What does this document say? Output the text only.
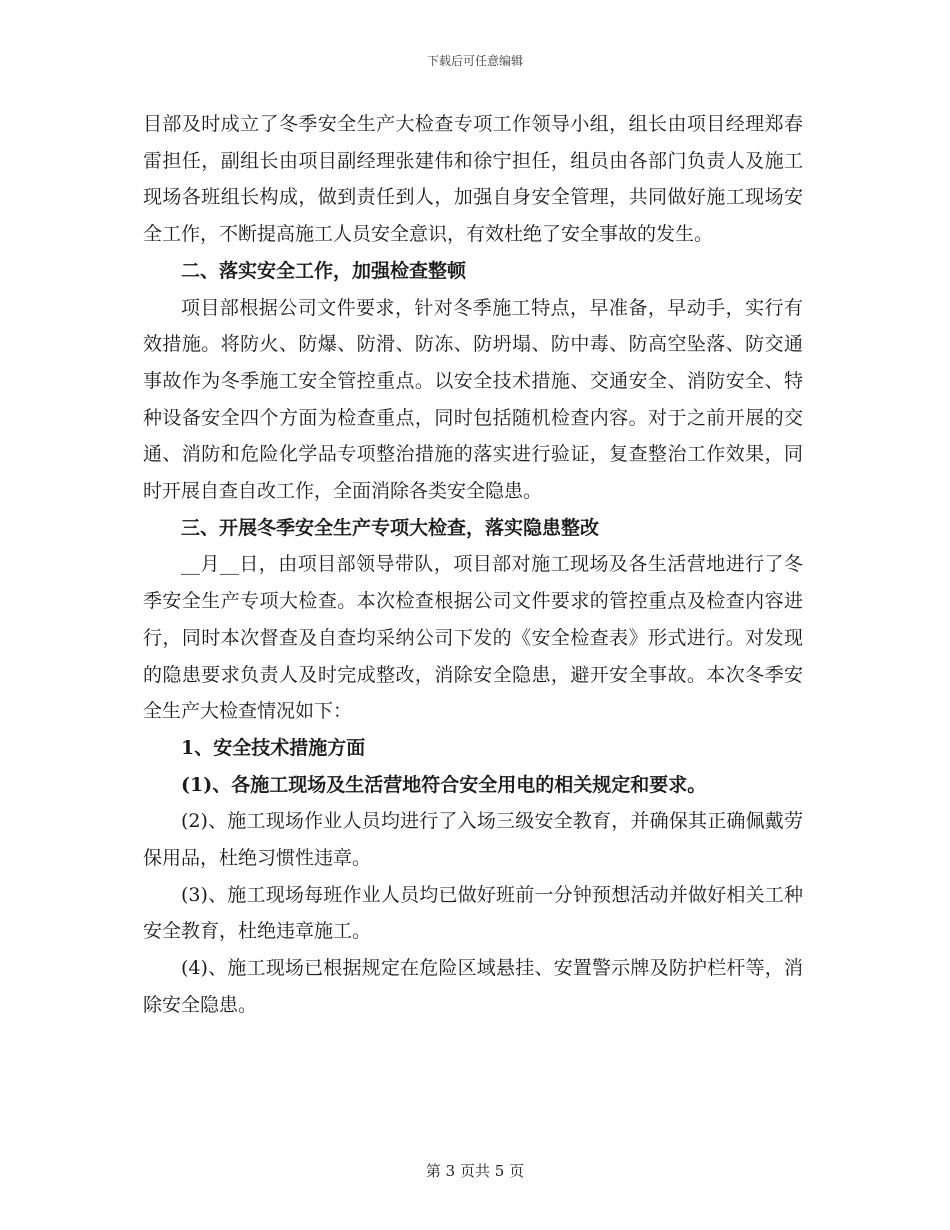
下载后可任意编辑

目部及时成立了冬季安全生产大检查专项工作领导小组，组长由项目经理郑春雷担任，副组长由项目副经理张建伟和徐宁担任，组员由各部门负责人及施工现场各班组长构成，做到责任到人，加强自身安全管理，共同做好施工现场安全工作，不断提高施工人员安全意识，有效杜绝了安全事故的发生。

二、落实安全工作，加强检查整顿

项目部根据公司文件要求，针对冬季施工特点，早准备，早动手，实行有效措施。将防火、防爆、防滑、防冻、防坍塌、防中毒、防高空坠落、防交通事故作为冬季施工安全管控重点。以安全技术措施、交通安全、消防安全、特种设备安全四个方面为检查重点，同时包括随机检查内容。对于之前开展的交通、消防和危险化学品专项整治措施的落实进行验证，复查整治工作效果，同时开展自查自改工作，全面消除各类安全隐患。

三、开展冬季安全生产专项大检查，落实隐患整改

__月__日，由项目部领导带队，项目部对施工现场及各生活营地进行了冬季安全生产专项大检查。本次检查根据公司文件要求的管控重点及检查内容进行，同时本次督查及自查均采纳公司下发的《安全检查表》形式进行。对发现的隐患要求负责人及时完成整改，消除安全隐患，避开安全事故。本次冬季安全生产大检查情况如下：

1、安全技术措施方面

(1)、各施工现场及生活营地符合安全用电的相关规定和要求。

(2)、施工现场作业人员均进行了入场三级安全教育，并确保其正确佩戴劳保用品，杜绝习惯性违章。

(3)、施工现场每班作业人员均已做好班前一分钟预想活动并做好相关工种安全教育，杜绝违章施工。

(4)、施工现场已根据规定在危险区域悬挂、安置警示牌及防护栏杆等，消除安全隐患。

第 3 页共 5 页
